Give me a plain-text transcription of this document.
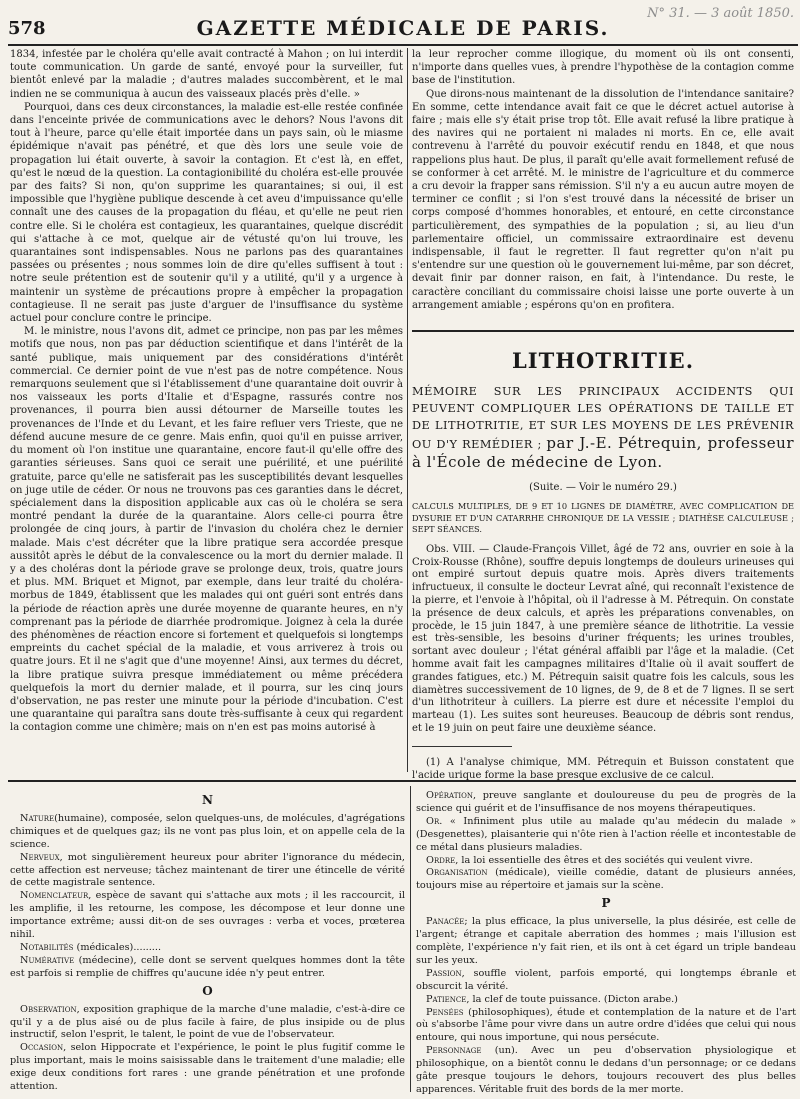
578	GAZETTE MÉDICALE DE PARIS.
N° 31. — 3 août 1850.

1834, infestée par le choléra qu'elle avait contracté à Mahon ; on lui interdit toute communication. Un garde de santé, envoyé pour la surveiller, fut bientôt enlevé par la maladie ; d'autres malades succombèrent, et le mal indien ne se communiqua à aucun des vaisseaux placés près d'elle. »

Pourquoi, dans ces deux circonstances, la maladie est-elle restée confinée dans l'enceinte privée de communications avec le dehors? Nous l'avons dit tout à l'heure, parce qu'elle était importée dans un pays sain, où le miasme épidémique n'avait pas pénétré, et que dès lors une seule voie de propagation lui était ouverte, à savoir la contagion. Et c'est là, en effet, qu'est le nœud de la question. La contagionibilité du choléra est-elle prouvée par des faits? Si non, qu'on supprime les quarantaines; si oui, il est impossible que l'hygiène publique descende à cet aveu d'impuissance qu'elle connaît une des causes de la propagation du fléau, et qu'elle ne peut rien contre elle. Si le choléra est contagieux, les quarantaines, quelque discrédit qui s'attache à ce mot, quelque air de vétusté qu'on lui trouve, les quarantaines sont indispensables. Nous ne parlons pas des quarantaines passées ou présentes ; nous sommes loin de dire qu'elles suffisent à tout : notre seule prétention est de soutenir qu'il y a utilité, qu'il y a urgence à maintenir un système de précautions propre à empêcher la propagation contagieuse. Il ne serait pas juste d'arguer de l'insuffisance du système actuel pour conclure contre le principe.

M. le ministre, nous l'avons dit, admet ce principe, non pas par les mêmes motifs que nous, non pas par déduction scientifique et dans l'intérêt de la santé publique, mais uniquement par des considérations d'intérêt commercial. Ce dernier point de vue n'est pas de notre compétence. Nous remarquons seulement que si l'établissement d'une quarantaine doit ouvrir à nos vaisseaux les ports d'Italie et d'Espagne, rassurés contre nos provenances, il pourra bien aussi détourner de Marseille toutes les provenances de l'Inde et du Levant, et les faire refluer vers Trieste, que ne défend aucune mesure de ce genre. Mais enfin, quoi qu'il en puisse arriver, du moment où l'on institue une quarantaine, encore faut-il qu'elle offre des garanties sérieuses. Sans quoi ce serait une puérilité, et une puérilité gratuite, parce qu'elle ne satisferait pas les susceptibilités devant lesquelles on juge utile de céder. Or nous ne trouvons pas ces garanties dans le décret, spécialement dans la disposition applicable aux cas où le choléra se sera montré pendant la durée de la quarantaine. Alors celle-ci pourra être prolongée de cinq jours, à partir de l'invasion du choléra chez le dernier malade. Mais c'est décréter que la libre pratique sera accordée presque aussitôt après le début de la convalescence ou la mort du dernier malade. Il y a des choléras dont la période grave se prolonge deux, trois, quatre jours et plus. MM. Briquet et Mignot, par exemple, dans leur traité du choléra-morbus de 1849, établissent que les malades qui ont guéri sont entrés dans la période de réaction après une durée moyenne de quarante heures, en n'y comprenant pas la période de diarrhée prodromique. Joignez à cela la durée des phénomènes de réaction encore si fortement et quelquefois si longtemps empreints du cachet spécial de la maladie, et vous arriverez à trois ou quatre jours. Et il ne s'agit que d'une moyenne! Ainsi, aux termes du décret, la libre pratique suivra presque immédiatement ou même précédera quelquefois la mort du dernier malade, et il pourra, sur les cinq jours d'observation, ne pas rester une minute pour la période d'incubation. C'est une quarantaine qui paraîtra sans doute très-suffisante à ceux qui regardent la contagion comme une chimère; mais on n'en est pas moins autorisé à

la leur reprocher comme illogique, du moment où ils ont consenti, n'importe dans quelles vues, à prendre l'hypothèse de la contagion comme base de l'institution.

Que dirons-nous maintenant de la dissolution de l'intendance sanitaire? En somme, cette intendance avait fait ce que le décret actuel autorise à faire ; mais elle s'y était prise trop tôt. Elle avait refusé la libre pratique à des navires qui ne portaient ni malades ni morts. En ce, elle avait contrevenu à l'arrêté du pouvoir exécutif rendu en 1848, et que nous rappelions plus haut. De plus, il paraît qu'elle avait formellement refusé de se conformer à cet arrêté. M. le ministre de l'agriculture et du commerce a cru devoir la frapper sans rémission. S'il n'y a eu aucun autre moyen de terminer ce conflit ; si l'on s'est trouvé dans la nécessité de briser un corps composé d'hommes honorables, et entouré, en cette circonstance particulièrement, des sympathies de la population ; si, au lieu d'un parlementaire officiel, un commissaire extraordinaire est devenu indispensable, il faut le regretter. Il faut regretter qu'on n'ait pu s'entendre sur une question où le gouvernement lui-même, par son décret, devait finir par donner raison, en fait, à l'intendance. Du reste, le caractère conciliant du commissaire choisi laisse une porte ouverte à un arrangement amiable ; espérons qu'on en profitera.

LITHOTRITIE.
MÉMOIRE SUR LES PRINCIPAUX ACCIDENTS QUI PEUVENT COMPLIQUER LES OPÉRATIONS DE TAILLE ET DE LITHOTRITIE, ET SUR LES MOYENS DE LES PRÉVENIR OU D'Y REMÉDIER ; par J.-E. Pétrequin, professeur à l'École de médecine de Lyon.
(Suite. — Voir le numéro 29.)
CALCULS MULTIPLES, DE 9 ET 10 LIGNES DE DIAMÈTRE, AVEC COMPLICATION DE DYSURIE ET D'UN CATARRHE CHRONIQUE DE LA VESSIE ; DIATHÈSE CALCULEUSE ; SEPT SÉANCES.

Obs. VIII. — Claude-François Villet, âgé de 72 ans, ouvrier en soie à la Croix-Rousse (Rhône), souffre depuis longtemps de douleurs urineuses qui ont empiré surtout depuis quatre mois. Après divers traitements infructueux, il consulte le docteur Levrat aîné, qui reconnaît l'existence de la pierre, et l'envoie à l'hôpital, où il l'adresse à M. Pétrequin. On constate la présence de deux calculs, et après les préparations convenables, on procède, le 15 juin 1847, à une première séance de lithotritie. La vessie est très-sensible, les besoins d'uriner fréquents; les urines troubles, sortant avec douleur ; l'état général affaibli par l'âge et la maladie. (Cet homme avait fait les campagnes militaires d'Italie où il avait souffert de grandes fatigues, etc.) M. Pétrequin saisit quatre fois les calculs, sous les diamètres successivement de 10 lignes, de 9, de 8 et de 7 lignes. Il se sert d'un lithotriteur à cuillers. La pierre est dure et nécessite l'emploi du marteau (1). Les suites sont heureuses. Beaucoup de débris sont rendus, et le 19 juin on peut faire une deuxième séance.

(1) A l'analyse chimique, MM. Pétrequin et Buisson constatent que l'acide urique forme la base presque exclusive de ce calcul.

N

Nature(humaine), composée, selon quelques-uns, de molécules, d'agrégations chimiques et de quelques gaz; ils ne vont pas plus loin, et on appelle cela de la science.

Nerveux, mot singulièrement heureux pour abriter l'ignorance du médecin, cette affection est nerveuse; tâchez maintenant de tirer une étincelle de vérité de cette magistrale sentence.

Nomenclateur, espèce de savant qui s'attache aux mots ; il les raccourcit, il les amplifie, il les retourne, les compose, les décompose et leur donne une importance extrême; aussi dit-on de ses ouvrages : verba et voces, prœterea nihil.

Notabilités (médicales).........

Numérative (médecine), celle dont se servent quelques hommes dont la tête est parfois si remplie de chiffres qu'aucune idée n'y peut entrer.

O

Observation, exposition graphique de la marche d'une maladie, c'est-à-dire ce qu'il y a de plus aisé ou de plus facile à faire, de plus insipide ou de plus instructif, selon l'esprit, le talent, le point de vue de l'observateur.

Occasion, selon Hippocrate et l'expérience, le point le plus fugitif comme le plus important, mais le moins saisissable dans le traitement d'une maladie; elle exige deux conditions fort rares : une grande pénétration et une profonde attention.

Opération, preuve sanglante et douloureuse du peu de progrès de la science qui guérit et de l'insuffisance de nos moyens thérapeutiques.

Or. « Infiniment plus utile au malade qu'au médecin du malade » (Desgenettes), plaisanterie qui n'ôte rien à l'action réelle et incontestable de ce métal dans plusieurs maladies.

Ordre, la loi essentielle des êtres et des sociétés qui veulent vivre.

Organisation (médicale), vieille comédie, datant de plusieurs années, toujours mise au répertoire et jamais sur la scène.

P

Panacée; la plus efficace, la plus universelle, la plus désirée, est celle de l'argent; étrange et capitale aberration des hommes ; mais l'illusion est complète, l'expérience n'y fait rien, et ils ont à cet égard un triple bandeau sur les yeux.

Passion, souffle violent, parfois emporté, qui longtemps ébranle et obscurcit la vérité.

Patience, la clef de toute puissance. (Dicton arabe.)

Pensées (philosophiques), étude et contemplation de la nature et de l'art où s'absorbe l'âme pour vivre dans un autre ordre d'idées que celui qui nous entoure, qui nous importune, qui nous persécute.

Personnage (un). Avec un peu d'observation physiologique et philosophique, on a bientôt connu le dedans d'un personnage; or ce dedans gâte presque toujours le dehors, toujours recouvert des plus belles apparences. Véritable fruit des bords de la mer morte.
